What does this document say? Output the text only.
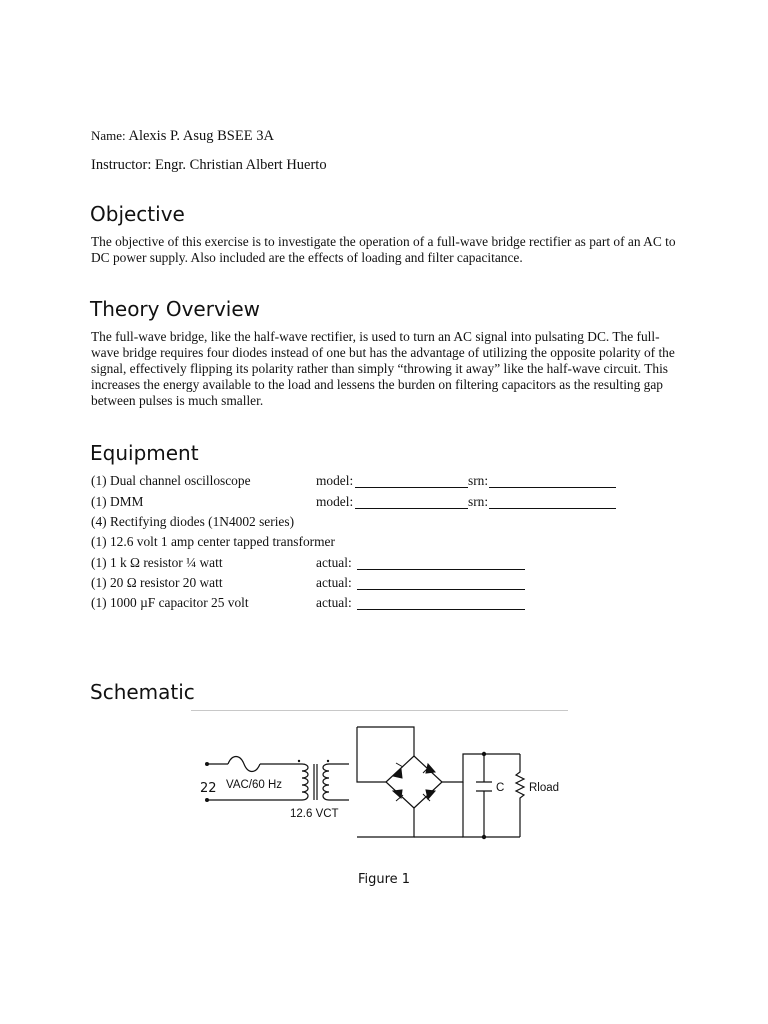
Name: Alexis P. Asug BSEE 3A
Instructor: Engr. Christian Albert Huerto
Objective

The objective of this exercise is to investigate the operation of a full-wave bridge rectifier as part of an AC to DC power supply. Also included are the effects of loading and filter capacitance.

Theory Overview

The full-wave bridge, like the half-wave rectifier, is used to turn an AC signal into pulsating DC. The full-wave bridge requires four diodes instead of one but has the advantage of utilizing the opposite polarity of the signal, effectively flipping its polarity rather than simply “throwing it away” like the half-wave circuit. This increases the energy available to the load and lessens the burden on filtering capacitors as the resulting gap between pulses is much smaller.

Equipment
(1) Dual channel oscilloscope	model:	srn:
(1) DMM	model:	srn:
(4) Rectifying diodes (1N4002 series)
(1) 12.6 volt 1 amp center tapped transformer
(1) 1 k Ω resistor ¼ watt	actual:
(1) 20 Ω resistor 20 watt	actual:
(1) 1000 µF capacitor 25 volt	actual:
Schematic
22 VAC/60 Hz
12.6 VCT
C Rload
Figure 1
